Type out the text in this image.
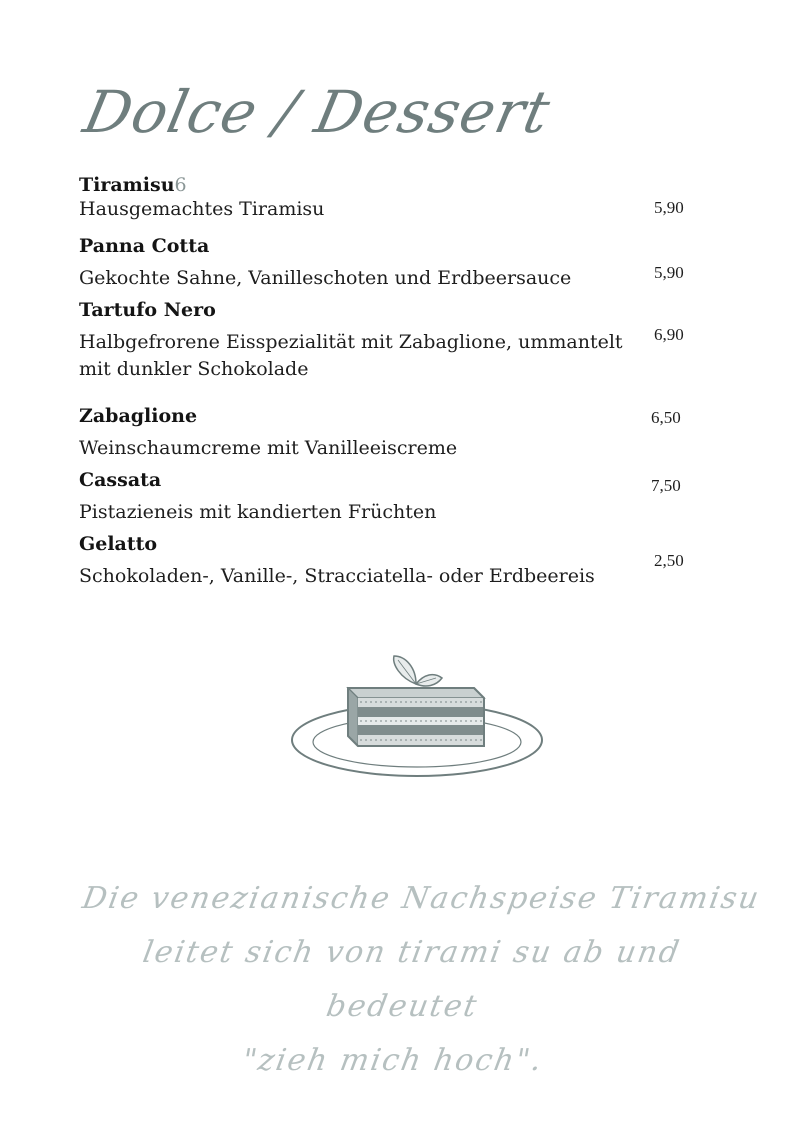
Dolce / Dessert
Tiramisu6
Hausgemachtes Tiramisu	5,90
Panna Cotta
Gekochte Sahne, Vanilleschoten und Erdbeersauce	5,90
Tartufo Nero
Halbgefrorene Eisspezialität mit Zabaglione, ummantelt mit dunkler Schokolade
6,90
Zabaglione
Weinschaumcreme mit Vanilleeiscreme
6,50
Cassata
Pistazieneis mit kandierten Früchten
7,50
Gelatto
Schokoladen-, Vanille-, Stracciatella- oder Erdbeereis
2,50
Die venezianische Nachspeise Tiramisu
leitet sich von tirami su ab und bedeutet
"zieh mich hoch".
